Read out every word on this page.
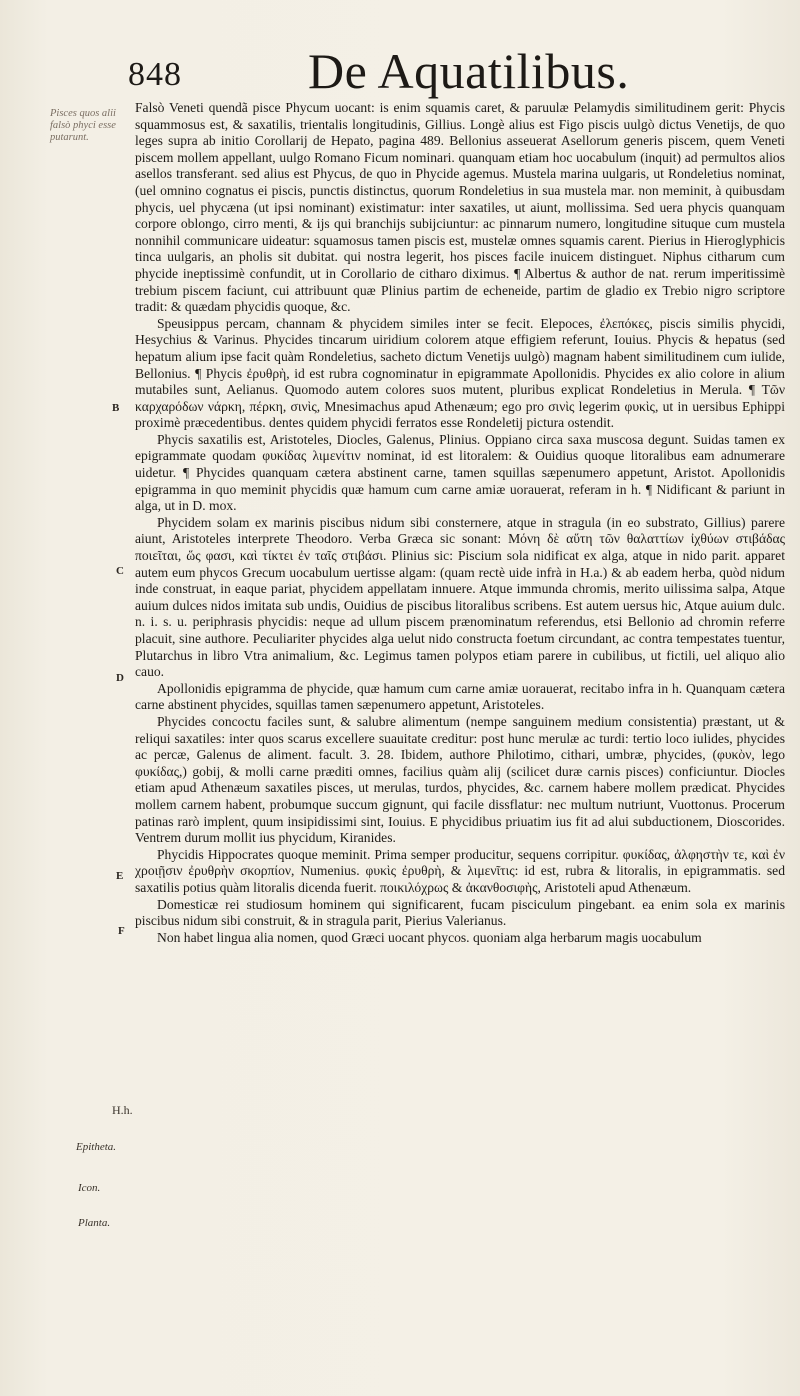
848	De Aquatilibus.
Pisces quos alii falsò phyci esse putarunt.
H.h.
Epitheta.
Icon.
Planta.
B
C
D
E
F

Falsò Veneti quendã pisce Phycum uocant: is enim squamis caret, & paruulæ Pelamydis similitudinem gerit: Phycis squammosus est, & saxatilis, trientalis longitudinis, Gillius. Longè alius est Figo piscis uulgò dictus Venetijs, de quo leges supra ab initio Corollarij de Hepato, pagina 489. Bellonius asseuerat Asellorum generis piscem, quem Veneti piscem mollem appellant, uulgo Romano Ficum nominari. quanquam etiam hoc uocabulum (inquit) ad permultos alios asellos transferant. sed alius est Phycus, de quo in Phycide agemus. Mustela marina uulgaris, ut Rondeletius nominat, (uel omnino cognatus ei piscis, punctis distinctus, quorum Rondeletius in sua mustela mar. non meminit, à quibusdam phycis, uel phycæna (ut ipsi nominant) existimatur: inter saxatiles, ut aiunt, mollissima. Sed uera phycis quanquam corpore oblongo, cirro menti, & ijs qui branchijs subijciuntur: ac pinnarum numero, longitudine situque cum mustela nonnihil communicare uideatur: squamosus tamen piscis est, mustelæ omnes squamis carent. Pierius in Hieroglyphicis tinca uulgaris, an pholis sit dubitat. qui nostra legerit, hos pisces facile inuicem distinguet. Niphus citharum cum phycide ineptissimè confundit, ut in Corollario de citharo diximus. ¶ Albertus & author de nat. rerum imperitissimè trebium piscem faciunt, cui attribuunt quæ Plinius partim de echeneide, partim de gladio ex Trebio nigro scriptore tradit: & quædam phycidis quoque, &c.

Speusippus percam, channam & phycidem similes inter se fecit. Elepoces, ἐλεπόκες, piscis similis phycidi, Hesychius & Varinus. Phycides tincarum uiridium colorem atque effigiem referunt, Iouius. Phycis & hepatus (sed hepatum alium ipse facit quàm Rondeletius, sacheto dictum Venetijs uulgò) magnam habent similitudinem cum iulide, Bellonius. ¶ Phycis ἐρυθρὴ, id est rubra cognominatur in epigrammate Apollonidis. Phycides ex alio colore in alium mutabiles sunt, Aelianus. Quomodo autem colores suos mutent, pluribus explicat Rondeletius in Merula. ¶ Τῶν καρχαρόδων νάρκη, πέρκη, σινὶς, Mnesimachus apud Athenæum; ego pro σινὶς legerim φυκὶς, ut in uersibus Ephippi proximè præcedentibus. dentes quidem phycidi ferratos esse Rondeletij pictura ostendit.

Phycis saxatilis est, Aristoteles, Diocles, Galenus, Plinius. Oppiano circa saxa muscosa degunt. Suidas tamen ex epigrammate quodam φυκίδας λιμενίτιν nominat, id est litoralem: & Ouidius quoque litoralibus eam adnumerare uidetur. ¶ Phycides quanquam cætera abstinent carne, tamen squillas sæpenumero appetunt, Aristot. Apollonidis epigramma in quo meminit phycidis quæ hamum cum carne amiæ uorauerat, referam in h. ¶ Nidificant & pariunt in alga, ut in D. mox.

Phycidem solam ex marinis piscibus nidum sibi consternere, atque in stragula (in eo substrato, Gillius) parere aiunt, Aristoteles interprete Theodoro. Verba Græca sic sonant: Μόνη δὲ αὕτη τῶν θαλαττίων ἰχθύων στιβάδας ποιεῖται, ὥς φασι, καὶ τίκτει ἐν ταῖς στιβάσι. Plinius sic: Piscium sola nidificat ex alga, atque in nido parit. apparet autem eum phycos Grecum uocabulum uertisse algam: (quam rectè uide infrà in H.a.) & ab eadem herba, quòd nidum inde construat, in eaque pariat, phycidem appellatam innuere. Atque immunda chromis, merito uilissima salpa, Atque auium dulces nidos imitata sub undis, Ouidius de piscibus litoralibus scribens. Est autem uersus hic, Atque auium dulc. n. i. s. u. periphrasis phycidis: neque ad ullum piscem prænominatum referendus, etsi Bellonio ad chromin referre placuit, sine authore. Peculiariter phycides alga uelut nido constructa foetum circundant, ac contra tempestates tuentur, Plutarchus in libro Vtra animalium, &c. Legimus tamen polypos etiam parere in cubilibus, ut fictili, uel aliquo alio cauo.

Apollonidis epigramma de phycide, quæ hamum cum carne amiæ uorauerat, recitabo infra in h. Quanquam cætera carne abstinent phycides, squillas tamen sæpenumero appetunt, Aristoteles.

Phycides concoctu faciles sunt, & salubre alimentum (nempe sanguinem medium consistentia) præstant, ut & reliqui saxatiles: inter quos scarus excellere suauitate creditur: post hunc merulæ ac turdi: tertio loco iulides, phycides ac percæ, Galenus de aliment. facult. 3. 28. Ibidem, authore Philotimo, cithari, umbræ, phycides, (φυκὸν, lego φυκίδας,) gobij, & molli carne præditi omnes, facilius quàm alij (scilicet duræ carnis pisces) conficiuntur. Diocles etiam apud Athenæum saxatiles pisces, ut merulas, turdos, phycides, &c. carnem habere mollem prædicat. Phycides mollem carnem habent, probumque succum gignunt, qui facile dissflatur: nec multum nutriunt, Vuottonus. Procerum patinas rarò implent, quum insipidissimi sint, Iouius. E phycidibus priuatim ius fit ad alui subductionem, Dioscorides. Ventrem durum mollit ius phycidum, Kiranides.

Phycidis Hippocrates quoque meminit. Prima semper producitur, sequens corripitur. φυκίδας, ἀλφηστὴν τε, καὶ ἐν χροιῇσιν ἐρυθρὴν σκορπίον, Numenius. φυκὶς ἐρυθρὴ, & λιμενῖτις: id est, rubra & litoralis, in epigrammatis. sed saxatilis potius quàm litoralis dicenda fuerit. ποικιλόχρως & ἀκανθοσιφὴς, Aristoteli apud Athenæum.

Domesticæ rei studiosum hominem qui significarent, fucam pisciculum pingebant. ea enim sola ex marinis piscibus nidum sibi construit, & in stragula parit, Pierius Valerianus.

Non habet lingua alia nomen, quod Græci uocant phycos. quoniam alga herbarum magis uocabulum
